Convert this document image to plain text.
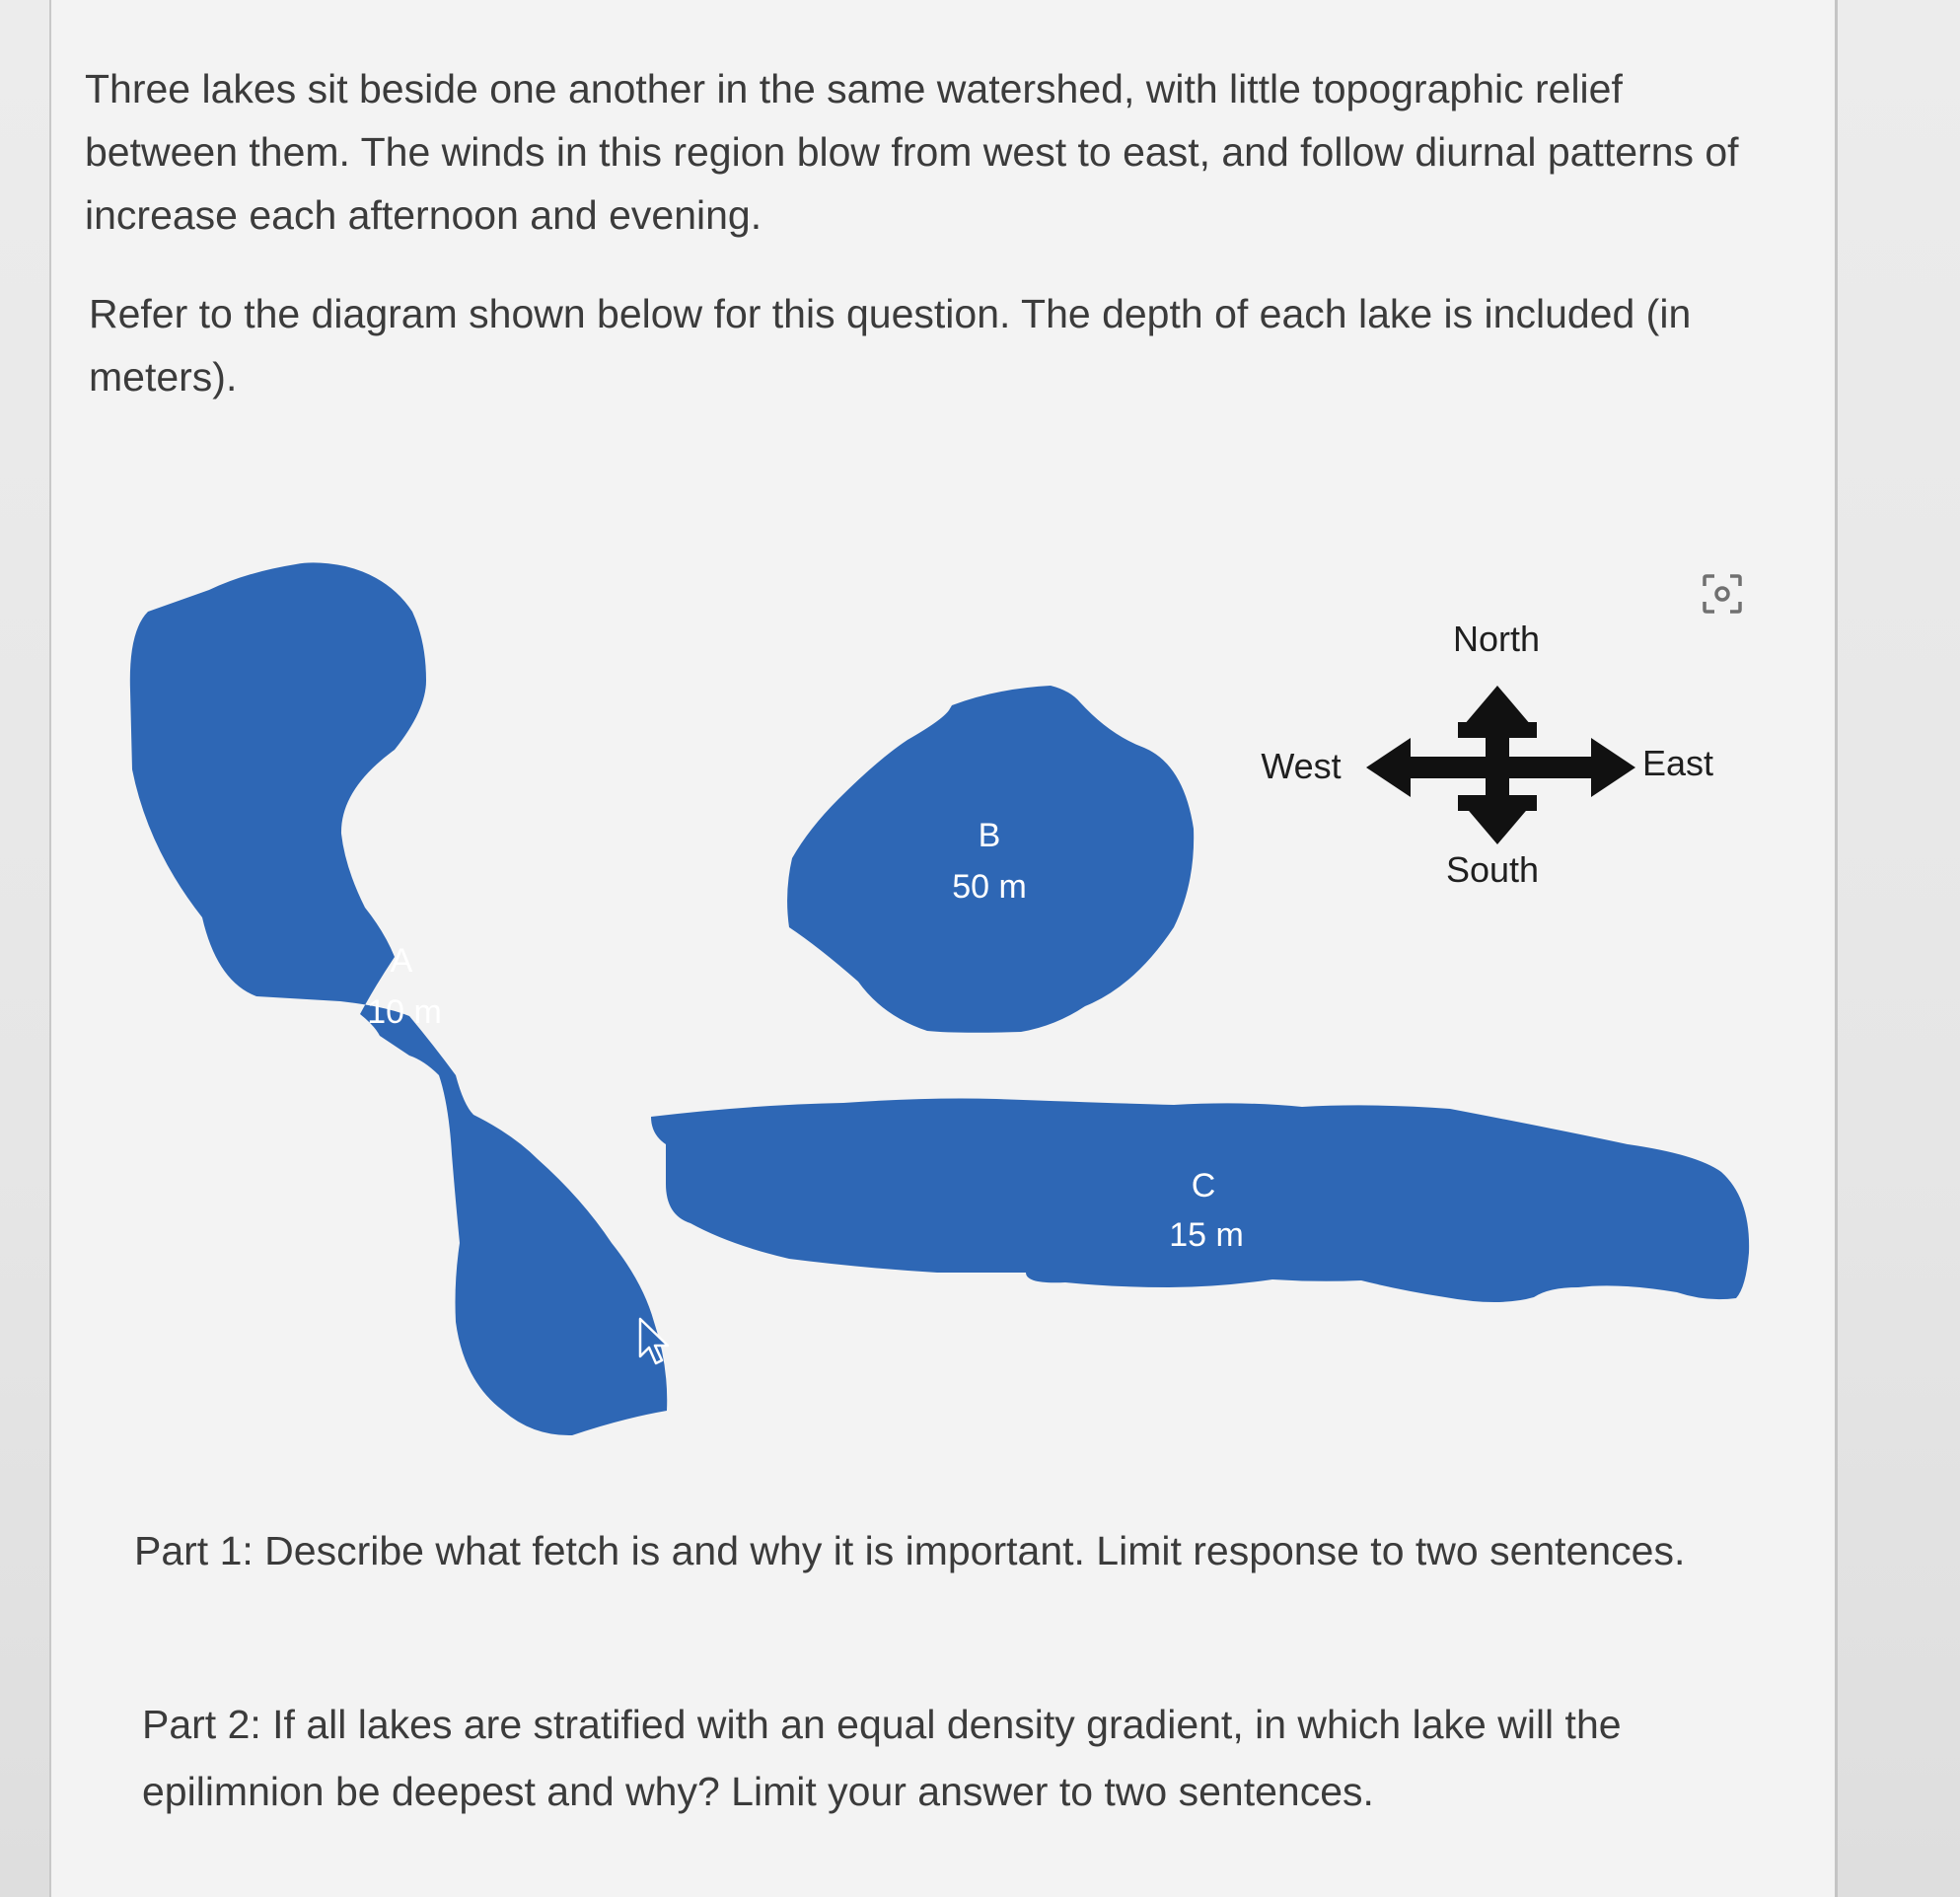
Three lakes sit beside one another in the same watershed, with little topographic relief between them. The winds in this region blow from west to east, and follow diurnal patterns of increase each afternoon and evening.

Refer to the diagram shown below for this question. The depth of each lake is included (in meters).

A
10 m
B
50 m
C
15 m
North
South
West	East

Part 1: Describe what fetch is and why it is important. Limit response to two sentences.

Part 2: If all lakes are stratified with an equal density gradient, in which lake will the epilimnion be deepest and why? Limit your answer to two sentences.
